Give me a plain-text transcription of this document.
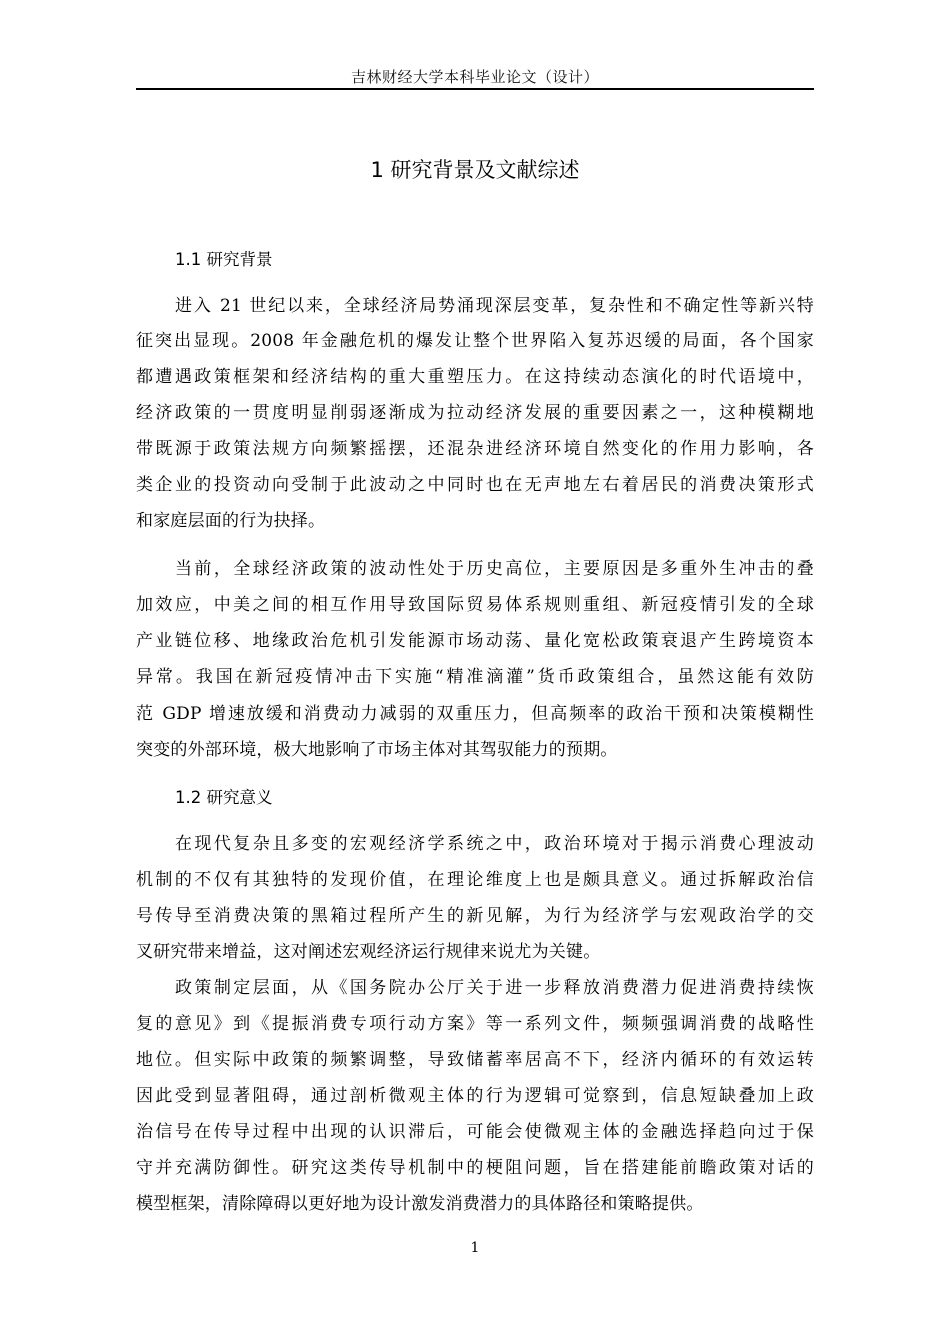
吉林财经大学本科毕业论文（设计）
1 研究背景及文献综述
1.1 研究背景
进入 21 世纪以来，全球经济局势涌现深层变革，复杂性和不确定性等新兴特
征突出显现。2008 年金融危机的爆发让整个世界陷入复苏迟缓的局面，各个国家
都遭遇政策框架和经济结构的重大重塑压力。在这持续动态演化的时代语境中，
经济政策的一贯度明显削弱逐渐成为拉动经济发展的重要因素之一，这种模糊地
带既源于政策法规方向频繁摇摆，还混杂进经济环境自然变化的作用力影响，各
类企业的投资动向受制于此波动之中同时也在无声地左右着居民的消费决策形式
和家庭层面的行为抉择。
当前，全球经济政策的波动性处于历史高位，主要原因是多重外生冲击的叠
加效应，中美之间的相互作用导致国际贸易体系规则重组、新冠疫情引发的全球
产业链位移、地缘政治危机引发能源市场动荡、量化宽松政策衰退产生跨境资本
异常。我国在新冠疫情冲击下实施“精准滴灌”货币政策组合，虽然这能有效防
范 GDP 增速放缓和消费动力减弱的双重压力，但高频率的政治干预和决策模糊性
突变的外部环境，极大地影响了市场主体对其驾驭能力的预期。
1.2 研究意义
在现代复杂且多变的宏观经济学系统之中，政治环境对于揭示消费心理波动
机制的不仅有其独特的发现价值，在理论维度上也是颇具意义。通过拆解政治信
号传导至消费决策的黑箱过程所产生的新见解，为行为经济学与宏观政治学的交
叉研究带来增益，这对阐述宏观经济运行规律来说尤为关键。
政策制定层面，从《国务院办公厅关于进一步释放消费潜力促进消费持续恢
复的意见》到《提振消费专项行动方案》等一系列文件，频频强调消费的战略性
地位。但实际中政策的频繁调整，导致储蓄率居高不下，经济内循环的有效运转
因此受到显著阻碍，通过剖析微观主体的行为逻辑可觉察到，信息短缺叠加上政
治信号在传导过程中出现的认识滞后，可能会使微观主体的金融选择趋向过于保
守并充满防御性。研究这类传导机制中的梗阻问题，旨在搭建能前瞻政策对话的
模型框架，清除障碍以更好地为设计激发消费潜力的具体路径和策略提供。
1
